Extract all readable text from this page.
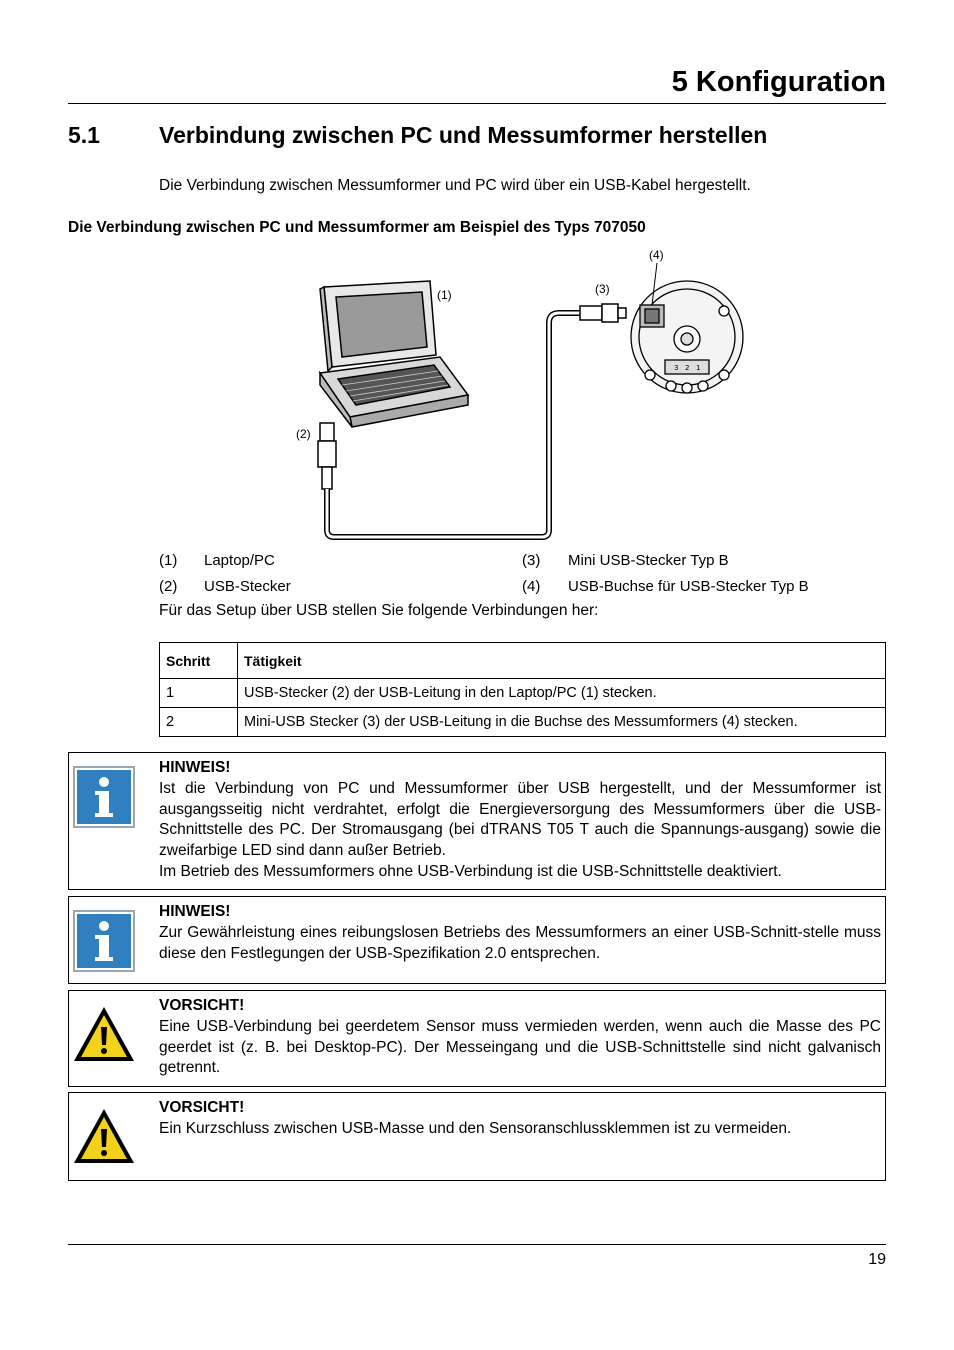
5 Konfiguration
5.1	Verbindung zwischen PC und Messumformer herstellen
Die Verbindung zwischen Messumformer und PC wird über ein USB-Kabel hergestellt.
Die Verbindung zwischen PC und Messumformer am Beispiel des Typs 707050
3 2 1
(1)
(2)
(3)
(4)
(1) Laptop/PC
(2) USB-Stecker
(3) Mini USB-Stecker Typ B
(4) USB-Buchse für USB-Stecker Typ B
Für das Setup über USB stellen Sie folgende Verbindungen her:
Schritt	Tätigkeit
1	USB-Stecker (2) der USB-Leitung in den Laptop/PC (1) stecken.
2	Mini-USB Stecker (3) der USB-Leitung in die Buchse des Messumformers (4) stecken.
HINWEIS!
Ist die Verbindung von PC und Messumformer über USB hergestellt, und der Messumformer ist ausgangsseitig nicht verdrahtet, erfolgt die Energieversorgung des Messumformers über die USB-Schnittstelle des PC. Der Stromausgang (bei dTRANS T05 T auch die Spannungs-ausgang) sowie die zweifarbige LED sind dann außer Betrieb.
Im Betrieb des Messumformers ohne USB-Verbindung ist die USB-Schnittstelle deaktiviert.
HINWEIS!
Zur Gewährleistung eines reibungslosen Betriebs des Messumformers an einer USB-Schnitt-stelle muss diese den Festlegungen der USB-Spezifikation 2.0 entsprechen.
VORSICHT!
Eine USB-Verbindung bei geerdetem Sensor muss vermieden werden, wenn auch die Masse des PC geerdet ist (z. B. bei Desktop-PC). Der Messeingang und die USB-Schnittstelle sind nicht galvanisch getrennt.
VORSICHT!
Ein Kurzschluss zwischen USB-Masse und den Sensoranschlussklemmen ist zu vermeiden.
19
